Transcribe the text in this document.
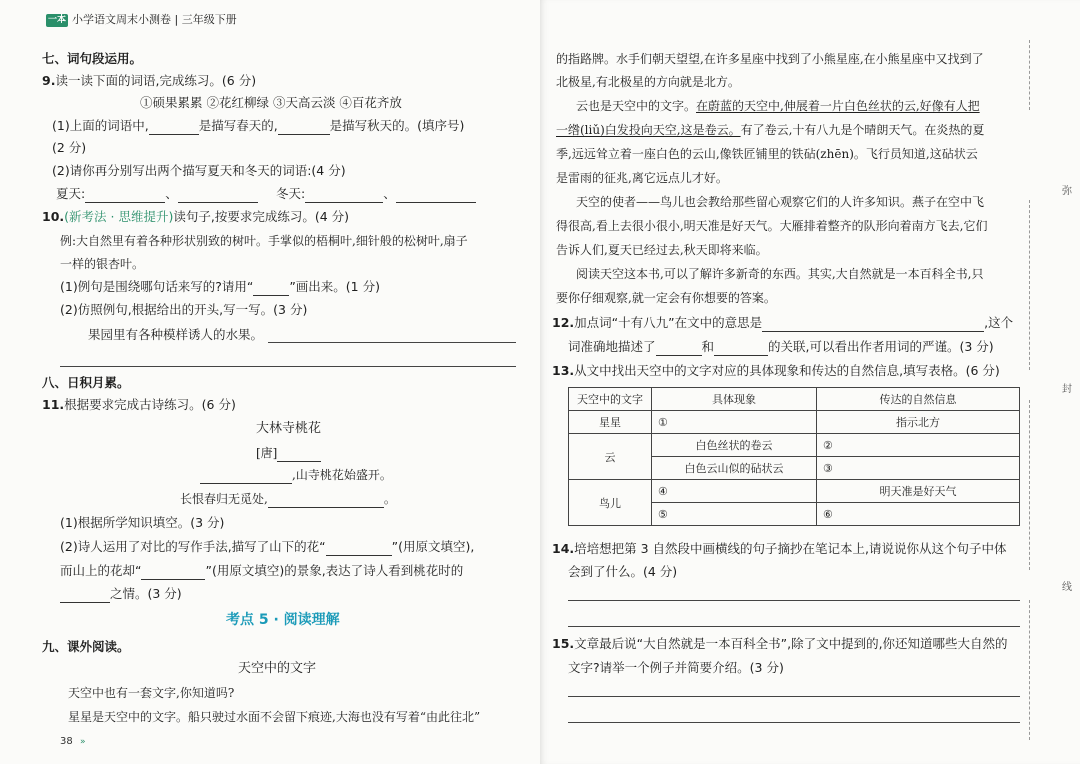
一本 小学语文周末小测卷 | 三年级下册
七、词句段运用。
9.读一读下面的词语,完成练习。(6 分)
①硕果累累 ②花红柳绿 ③天高云淡 ④百花齐放
(1)上面的词语中,	是描写春天的,	是描写秋天的。(填序号)
(2 分)
(2)请你再分别写出两个描写夏天和冬天的词语:(4 分)
夏天:	、	冬天:	、
10.(新考法 · 思维提升)读句子,按要求完成练习。(4 分)
例:大自然里有着各种形状别致的树叶。手掌似的梧桐叶,细针般的松树叶,扇子
一样的银杏叶。
(1)例句是围绕哪句话来写的?请用“	”画出来。(1 分)
(2)仿照例句,根据给出的开头,写一写。(3 分)
果园里有各种模样诱人的水果。
八、日积月累。
11.根据要求完成古诗练习。(6 分)
大林寺桃花
[唐]
,山寺桃花始盛开。
长恨春归无觅处,	。
(1)根据所学知识填空。(3 分)
(2)诗人运用了对比的写作手法,描写了山下的花“	”(用原文填空),
而山上的花却“	”(用原文填空)的景象,表达了诗人看到桃花时的
之情。(3 分)
考点 5 · 阅读理解
九、课外阅读。
天空中的文字
天空中也有一套文字,你知道吗?
星星是天空中的文字。船只驶过水面不会留下痕迹,大海也没有写着“由此往北”
38 »
的指路牌。水手们朝天望望,在许多星座中找到了小熊星座,在小熊星座中又找到了
北极星,有北极星的方向就是北方。
云也是天空中的文字。在蔚蓝的天空中,伸展着一片白色丝状的云,好像有人把
一绺(liǔ)白发投向天空,这是卷云。有了卷云,十有八九是个晴朗天气。在炎热的夏
季,远远耸立着一座白色的云山,像铁匠铺里的铁砧(zhēn)。飞行员知道,这砧状云
是雷雨的征兆,离它远点儿才好。
天空的使者——鸟儿也会教给那些留心观察它们的人许多知识。燕子在空中飞
得很高,看上去很小很小,明天准是好天气。大雁排着整齐的队形向着南方飞去,它们
告诉人们,夏天已经过去,秋天即将来临。
阅读天空这本书,可以了解许多新奇的东西。其实,大自然就是一本百科全书,只
要你仔细观察,就一定会有你想要的答案。
12.加点词“十有八九”在文中的意思是	,这个
词准确地描述了	和	的关联,可以看出作者用词的严谨。(3 分)
13.从文中找出天空中的文字对应的具体现象和传达的自然信息,填写表格。(6 分)
天空中的文字	具体现象	传达的自然信息
星星	①	指示北方
云	白色丝状的卷云	②
	白色云山似的砧状云	③
鸟儿	④	明天准是好天气
	⑤	⑥
14.培培想把第 3 自然段中画横线的句子摘抄在笔记本上,请说说你从这个句子中体
会到了什么。(4 分)
15.文章最后说“大自然就是一本百科全书”,除了文中提到的,你还知道哪些大自然的
文字?请举一个例子并简要介绍。(3 分)
弥
封
线
